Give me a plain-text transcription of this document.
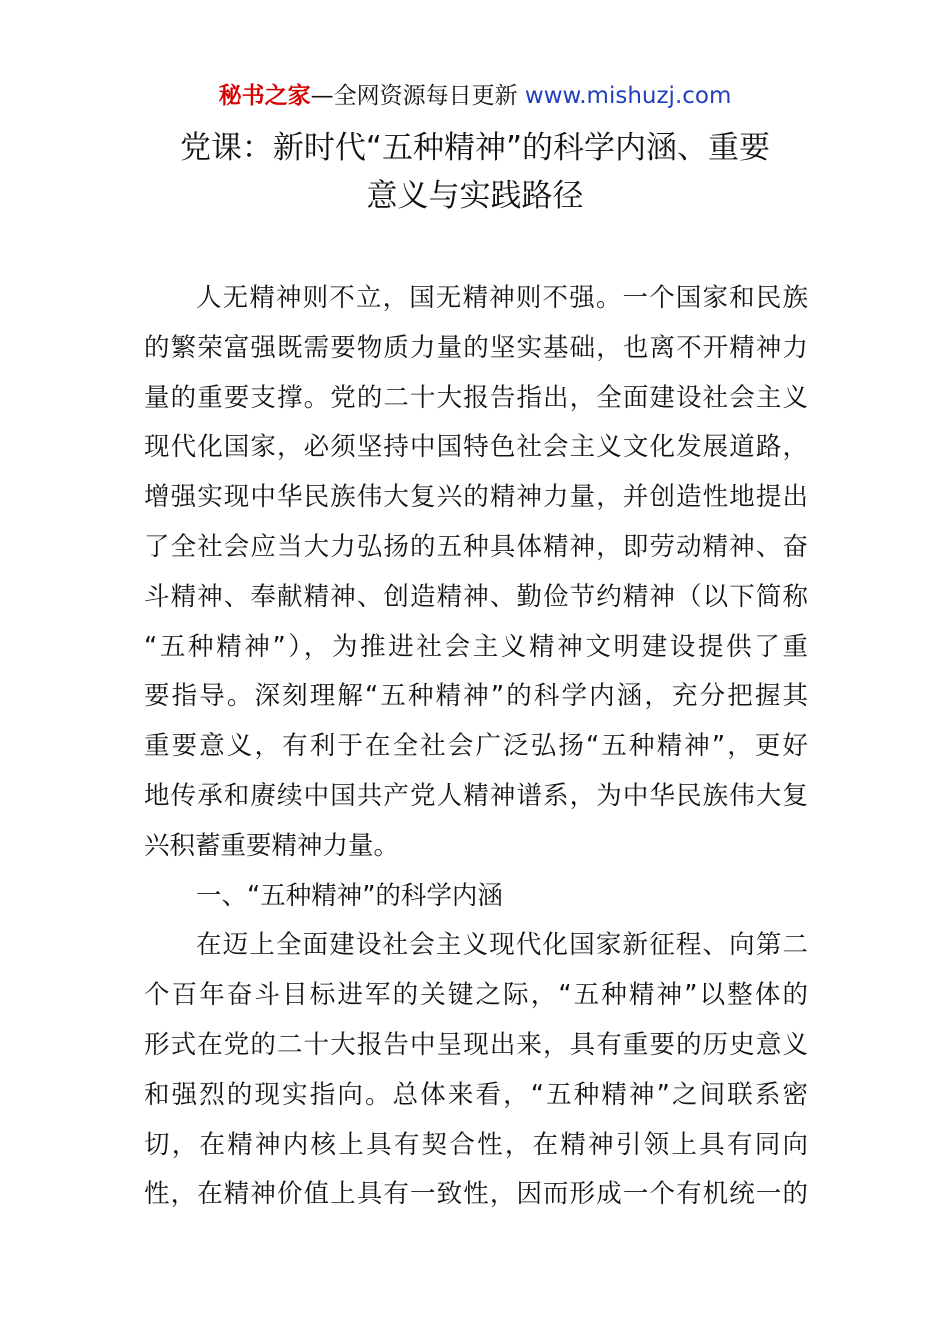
秘书之家—全网资源每日更新 www.mishuzj.com
党课：新时代“五种精神”的科学内涵、重要
意义与实践路径
人无精神则不立，国无精神则不强。一个国家和民族
的繁荣富强既需要物质力量的坚实基础，也离不开精神力
量的重要支撑。党的二十大报告指出，全面建设社会主义
现代化国家，必须坚持中国特色社会主义文化发展道路，
增强实现中华民族伟大复兴的精神力量，并创造性地提出
了全社会应当大力弘扬的五种具体精神，即劳动精神、奋
斗精神、奉献精神、创造精神、勤俭节约精神（以下简称
“五种精神”），为推进社会主义精神文明建设提供了重
要指导。深刻理解“五种精神”的科学内涵，充分把握其
重要意义，有利于在全社会广泛弘扬“五种精神”，更好
地传承和赓续中国共产党人精神谱系，为中华民族伟大复
兴积蓄重要精神力量。
一、“五种精神”的科学内涵
在迈上全面建设社会主义现代化国家新征程、向第二
个百年奋斗目标进军的关键之际，“五种精神”以整体的
形式在党的二十大报告中呈现出来，具有重要的历史意义
和强烈的现实指向。总体来看，“五种精神”之间联系密
切，在精神内核上具有契合性，在精神引领上具有同向
性，在精神价值上具有一致性，因而形成一个有机统一的
